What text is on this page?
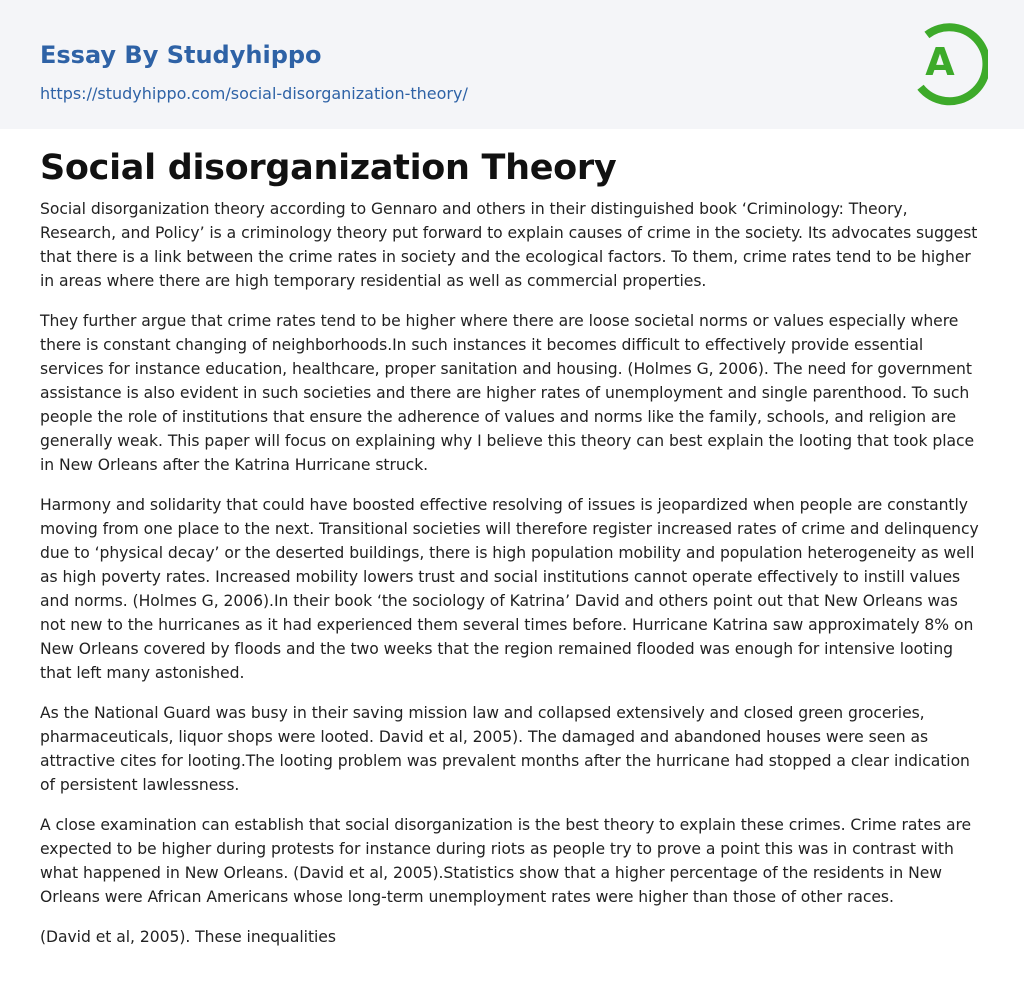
Essay By Studyhippo
https://studyhippo.com/social-disorganization-theory/
A
Social disorganization Theory

Social disorganization theory according to Gennaro and others in their distinguished book ‘Criminology: Theory, Research, and Policy’ is a criminology theory put forward to explain causes of crime in the society. Its advocates suggest that there is a link between the crime rates in society and the ecological factors. To them, crime rates tend to be higher in areas where there are high temporary residential as well as commercial properties.

They further argue that crime rates tend to be higher where there are loose societal norms or values especially where there is constant changing of neighborhoods.In such instances it becomes difficult to effectively provide essential services for instance education, healthcare, proper sanitation and housing. (Holmes G, 2006). The need for government assistance is also evident in such societies and there are higher rates of unemployment and single parenthood. To such people the role of institutions that ensure the adherence of values and norms like the family, schools, and religion are generally weak. This paper will focus on explaining why I believe this theory can best explain the looting that took place in New Orleans after the Katrina Hurricane struck.

Harmony and solidarity that could have boosted effective resolving of issues is jeopardized when people are constantly moving from one place to the next. Transitional societies will therefore register increased rates of crime and delinquency due to ‘physical decay’ or the deserted buildings, there is high population mobility and population heterogeneity as well as high poverty rates. Increased mobility lowers trust and social institutions cannot operate effectively to instill values and norms. (Holmes G, 2006).In their book ‘the sociology of Katrina’ David and others point out that New Orleans was not new to the hurricanes as it had experienced them several times before. Hurricane Katrina saw approximately 8% on New Orleans covered by floods and the two weeks that the region remained flooded was enough for intensive looting that left many astonished.

As the National Guard was busy in their saving mission law and collapsed extensively and closed green groceries, pharmaceuticals, liquor shops were looted. David et al, 2005). The damaged and abandoned houses were seen as attractive cites for looting.The looting problem was prevalent months after the hurricane had stopped a clear indication of persistent lawlessness.

A close examination can establish that social disorganization is the best theory to explain these crimes. Crime rates are expected to be higher during protests for instance during riots as people try to prove a point this was in contrast with what happened in New Orleans. (David et al, 2005).Statistics show that a higher percentage of the residents in New Orleans were African Americans whose long-term unemployment rates were higher than those of other races.

(David et al, 2005). These inequalities
